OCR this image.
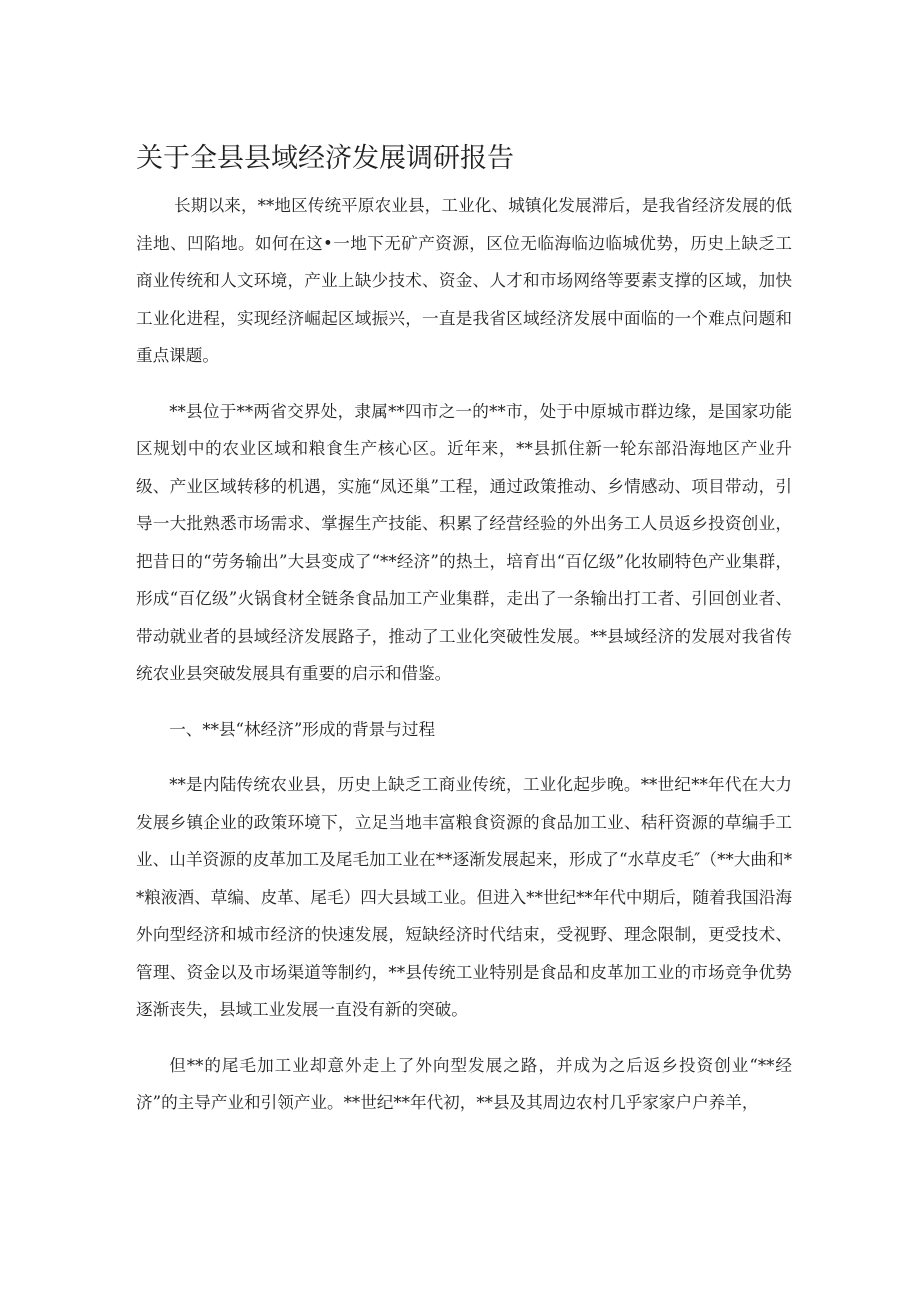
关于全县县域经济发展调研报告

长期以来，**地区传统平原农业县，工业化、城镇化发展滞后，是我省经济发展的低洼地、凹陷地。如何在这•一地下无矿产资源，区位无临海临边临城优势，历史上缺乏工商业传统和人文环境，产业上缺少技术、资金、人才和市场网络等要素支撑的区域，加快工业化进程，实现经济崛起区域振兴，一直是我省区域经济发展中面临的一个难点问题和重点课题。

**县位于**两省交界处，隶属**四市之一的**市，处于中原城市群边缘，是国家功能区规划中的农业区域和粮食生产核心区。近年来，**县抓住新一轮东部沿海地区产业升级、产业区域转移的机遇，实施“凤还巢”工程，通过政策推动、乡情感动、项目带动，引导一大批熟悉市场需求、掌握生产技能、积累了经营经验的外出务工人员返乡投资创业，把昔日的“劳务输出”大县变成了“**经济”的热土，培育出“百亿级”化妆刷特色产业集群，形成“百亿级”火锅食材全链条食品加工产业集群，走出了一条输出打工者、引回创业者、带动就业者的县域经济发展路子，推动了工业化突破性发展。**县域经济的发展对我省传统农业县突破发展具有重要的启示和借鉴。

一、**县“林经济”形成的背景与过程

**是内陆传统农业县，历史上缺乏工商业传统，工业化起步晚。**世纪**年代在大力发展乡镇企业的政策环境下，立足当地丰富粮食资源的食品加工业、秸秆资源的草编手工业、山羊资源的皮革加工及尾毛加工业在**逐渐发展起来，形成了“水草皮毛″（**大曲和**粮液酒、草编、皮革、尾毛）四大县域工业。但进入**世纪**年代中期后，随着我国沿海外向型经济和城市经济的快速发展，短缺经济时代结束，受视野、理念限制，更受技术、管理、资金以及市场渠道等制约，**县传统工业特别是食品和皮革加工业的市场竞争优势逐渐丧失，县域工业发展一直没有新的突破。

但**的尾毛加工业却意外走上了外向型发展之路，并成为之后返乡投资创业“**经济”的主导产业和引领产业。**世纪**年代初，**县及其周边农村几乎家家户户养羊，
